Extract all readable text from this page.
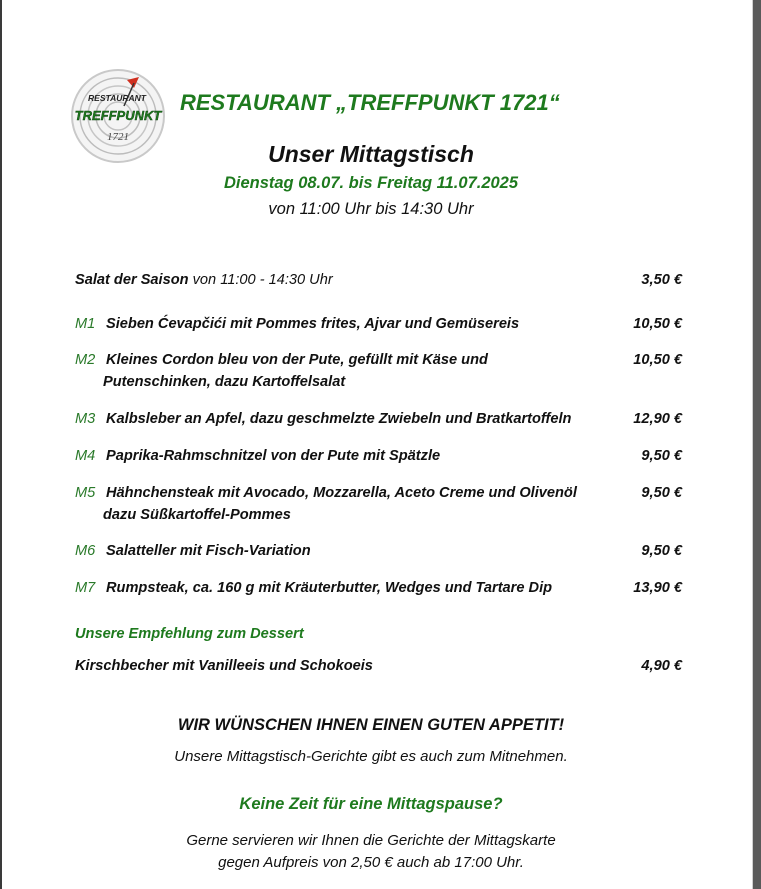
RESTAURANT
TREFFPUNKT
1721
RESTAURANT „TREFFPUNKT 1721“
Unser Mittagstisch
Dienstag 08.07. bis Freitag 11.07.2025
von 11:00 Uhr bis 14:30 Uhr
Salat der Saison von 11:00 - 14:30 Uhr	3,50 €
M1 Sieben Ćevapčići mit Pommes frites, Ajvar und Gemüsereis	10,50 €
M2 Kleines Cordon bleu von der Pute, gefüllt mit Käse und
Putenschinken, dazu Kartoffelsalat
10,50 €
M3 Kalbsleber an Apfel, dazu geschmelzte Zwiebeln und Bratkartoffeln	12,90 €
M4 Paprika-Rahmschnitzel von der Pute mit Spätzle	9,50 €
M5 Hähnchensteak mit Avocado, Mozzarella, Aceto Creme und Olivenöl
dazu Süßkartoffel-Pommes
9,50 €
M6 Salatteller mit Fisch-Variation	9,50 €
M7 Rumpsteak, ca. 160 g mit Kräuterbutter, Wedges und Tartare Dip	13,90 €
Unsere Empfehlung zum Dessert
Kirschbecher mit Vanilleeis und Schokoeis	4,90 €
WIR WÜNSCHEN IHNEN EINEN GUTEN APPETIT!
Unsere Mittagstisch-Gerichte gibt es auch zum Mitnehmen.
Keine Zeit für eine Mittagspause?
Gerne servieren wir Ihnen die Gerichte der Mittagskarte
gegen Aufpreis von 2,50 € auch ab 17:00 Uhr.
